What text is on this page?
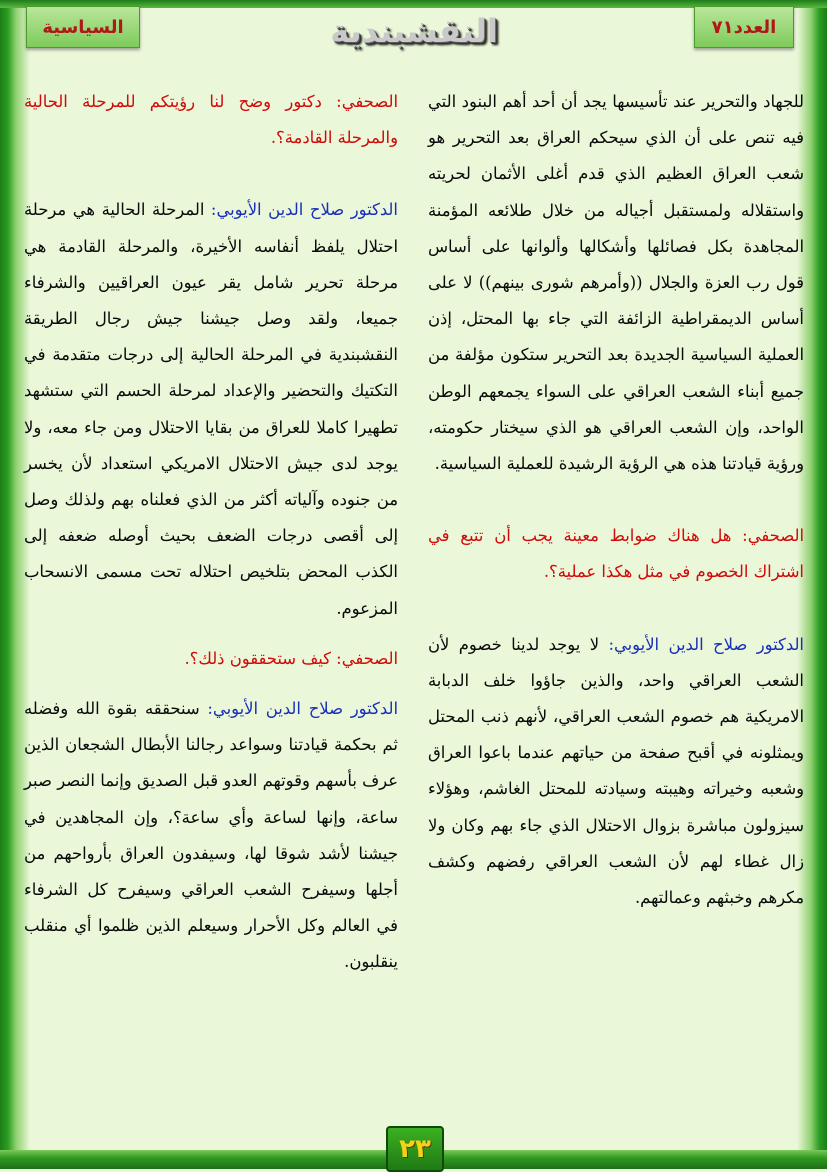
السياسية	النقشبندية	العدد٧١

للجهاد والتحرير عند تأسيسها يجد أن أحد أهم البنود التي فيه تنص على أن الذي سيحكم العراق بعد التحرير هو شعب العراق العظيم الذي قدم أغلى الأثمان لحريته واستقلاله ولمستقبل أجياله من خلال طلائعه المؤمنة المجاهدة بكل فصائلها وأشكالها وألوانها على أساس قول رب العزة والجلال ((وأمرهم شورى بينهم)) لا على أساس الديمقراطية الزائفة التي جاء بها المحتل، إذن العملية السياسية الجديدة بعد التحرير ستكون مؤلفة من جميع أبناء الشعب العراقي على السواء يجمعهم الوطن الواحد، وإن الشعب العراقي هو الذي سيختار حكومته، ورؤية قيادتنا هذه هي الرؤية الرشيدة للعملية السياسية.

الصحفي: هل هناك ضوابط معينة يجب أن تتبع في اشتراك الخصوم في مثل هكذا عملية؟.

الدكتور صلاح الدين الأيوبي: لا يوجد لدينا خصوم لأن الشعب العراقي واحد، والذين جاؤوا خلف الدبابة الامريكية هم خصوم الشعب العراقي، لأنهم ذنب المحتل ويمثلونه في أقبح صفحة من حياتهم عندما باعوا العراق وشعبه وخيراته وهيبته وسيادته للمحتل الغاشم، وهؤلاء سيزولون مباشرة بزوال الاحتلال الذي جاء بهم وكان ولا زال غطاء لهم لأن الشعب العراقي رفضهم وكشف مكرهم وخبثهم وعمالتهم.

الصحفي: دكتور وضح لنا رؤيتكم للمرحلة الحالية والمرحلة القادمة؟.

الدكتور صلاح الدين الأيوبي: المرحلة الحالية هي مرحلة احتلال يلفظ أنفاسه الأخيرة، والمرحلة القادمة هي مرحلة تحرير شامل يقر عيون العراقيين والشرفاء جميعا، ولقد وصل جيشنا جيش رجال الطريقة النقشبندية في المرحلة الحالية إلى درجات متقدمة في التكتيك والتحضير والإعداد لمرحلة الحسم التي ستشهد تطهيرا كاملا للعراق من بقايا الاحتلال ومن جاء معه، ولا يوجد لدى جيش الاحتلال الامريكي استعداد لأن يخسر من جنوده وآلياته أكثر من الذي فعلناه بهم ولذلك وصل إلى أقصى درجات الضعف بحيث أوصله ضعفه إلى الكذب المحض بتلخيص احتلاله تحت مسمى الانسحاب المزعوم.

الصحفي: كيف ستحققون ذلك؟.

الدكتور صلاح الدين الأيوبي: سنحققه بقوة الله وفضله ثم بحكمة قيادتنا وسواعد رجالنا الأبطال الشجعان الذين عرف بأسهم وقوتهم العدو قبل الصديق وإنما النصر صبر ساعة، وإنها لساعة وأي ساعة؟، وإن المجاهدين في جيشنا لأشد شوقا لها، وسيفدون العراق بأرواحهم من أجلها وسيفرح الشعب العراقي وسيفرح كل الشرفاء في العالم وكل الأحرار وسيعلم الذين ظلموا أي منقلب ينقلبون.

٢٣
